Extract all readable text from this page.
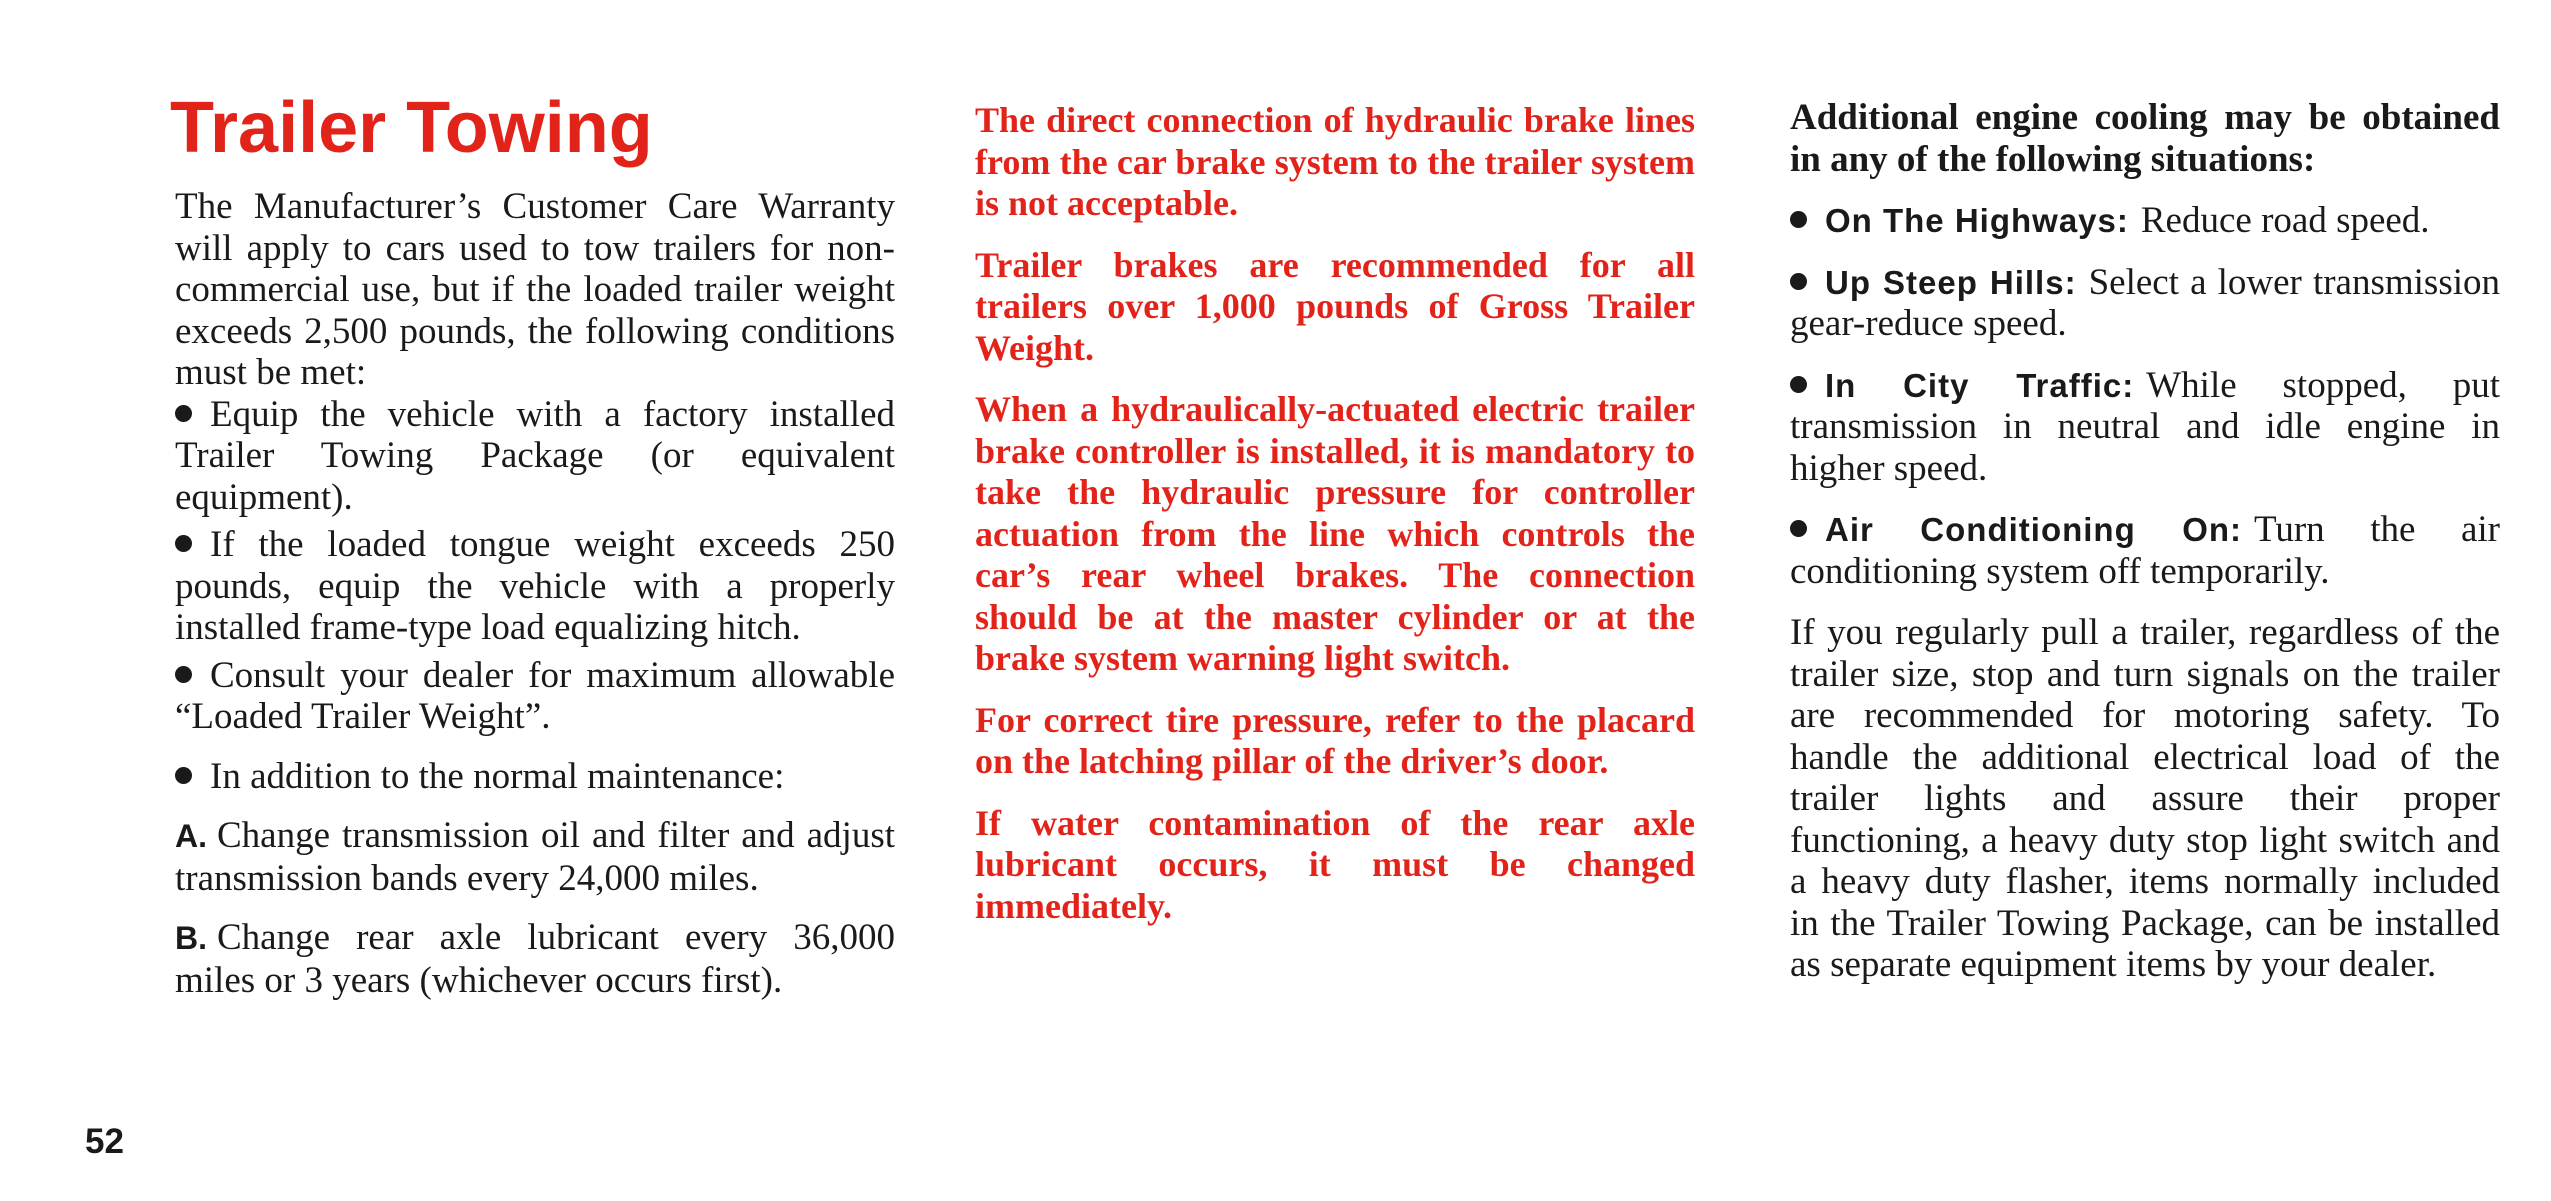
Trailer Towing

The Manufacturer’s Customer Care Warranty will apply to cars used to tow trailers for non-commercial use, but if the loaded trailer weight exceeds 2,500 pounds, the following conditions must be met:

Equip the vehicle with a factory installed Trailer Towing Package (or equivalent equipment).

If the loaded tongue weight exceeds 250 pounds, equip the vehicle with a properly installed frame-type load equalizing hitch.

Consult your dealer for maximum allowable “Loaded Trailer Weight”.

In addition to the normal maintenance:

A. Change transmission oil and filter and adjust transmission bands every 24,000 miles.

B. Change rear axle lubricant every 36,000 miles or 3 years (whichever occurs first).

The direct connection of hydraulic brake lines from the car brake system to the trailer system is not acceptable.

Trailer brakes are recommended for all trailers over 1,000 pounds of Gross Trailer Weight.

When a hydraulically-actuated electric trailer brake controller is installed, it is mandatory to take the hydraulic pressure for controller actuation from the line which controls the car’s rear wheel brakes. The connection should be at the master cylinder or at the brake system warning light switch.

For correct tire pressure, refer to the placard on the latching pillar of the driver’s door.

If water contamination of the rear axle lubricant occurs, it must be changed immediately.

Additional engine cooling may be obtained in any of the following situations:

On The Highways: Reduce road speed.

Up Steep Hills: Select a lower transmission gear-reduce speed.

In City Traffic: While stopped, put transmission in neutral and idle engine in higher speed.

Air Conditioning On: Turn the air conditioning system off temporarily.

If you regularly pull a trailer, regardless of the trailer size, stop and turn signals on the trailer are recommended for motoring safety. To handle the additional electrical load of the trailer lights and assure their proper functioning, a heavy duty stop light switch and a heavy duty flasher, items normally included in the Trailer Towing Package, can be installed as separate equipment items by your dealer.

52
